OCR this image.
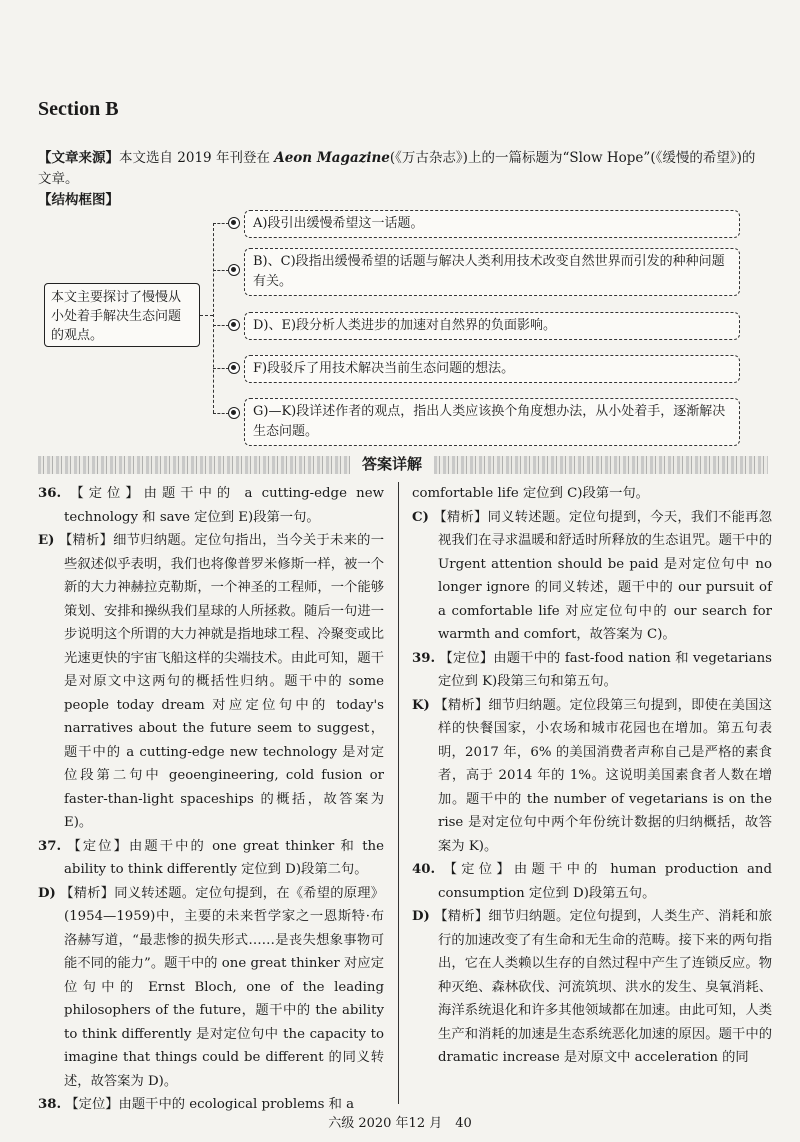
Section B
【文章来源】本文选自 2019 年刊登在 Aeon Magazine(《万古杂志》)上的一篇标题为“Slow Hope”(《缓慢的希望》)的文章。
【结构框图】
本文主要探讨了慢慢从小处着手解决生态问题的观点。
A)段引出缓慢希望这一话题。
B)、C)段指出缓慢希望的话题与解决人类利用技术改变自然世界而引发的种种问题有关。
D)、E)段分析人类进步的加速对自然界的负面影响。
F)段驳斥了用技术解决当前生态问题的想法。
G)—K)段详述作者的观点，指出人类应该换个角度想办法，从小处着手，逐渐解决生态问题。
答案详解

36. 【定位】由题干中的 a cutting-edge new technology 和 save 定位到 E)段第一句。

E) 【精析】细节归纳题。定位句指出，当今关于未来的一些叙述似乎表明，我们也将像普罗米修斯一样，被一个新的大力神赫拉克勒斯，一个神圣的工程师，一个能够策划、安排和操纵我们星球的人所拯救。随后一句进一步说明这个所谓的大力神就是指地球工程、冷聚变或比光速更快的宇宙飞船这样的尖端技术。由此可知，题干是对原文中这两句的概括性归纳。题干中的 some people today dream 对应定位句中的 today's narratives about the future seem to suggest，题干中的 a cutting-edge new technology 是对定位段第二句中 geoengineering, cold fusion or faster-than-light spaceships 的概括，故答案为 E)。

37. 【定位】由题干中的 one great thinker 和 the ability to think differently 定位到 D)段第二句。

D) 【精析】同义转述题。定位句提到，在《希望的原理》(1954—1959)中，主要的未来哲学家之一恩斯特·布洛赫写道，“最悲惨的损失形式……是丧失想象事物可能不同的能力”。题干中的 one great thinker 对应定位句中的 Ernst Bloch, one of the leading philosophers of the future，题干中的 the ability to think differently 是对定位句中 the capacity to imagine that things could be different 的同义转述，故答案为 D)。

38. 【定位】由题干中的 ecological problems 和 a

comfortable life 定位到 C)段第一句。

C) 【精析】同义转述题。定位句提到，今天，我们不能再忽视我们在寻求温暖和舒适时所释放的生态诅咒。题干中的 Urgent attention should be paid 是对定位句中 no longer ignore 的同义转述，题干中的 our pursuit of a comfortable life 对应定位句中的 our search for warmth and comfort，故答案为 C)。

39. 【定位】由题干中的 fast-food nation 和 vegetarians 定位到 K)段第三句和第五句。

K) 【精析】细节归纳题。定位段第三句提到，即使在美国这样的快餐国家，小农场和城市花园也在增加。第五句表明，2017 年，6% 的美国消费者声称自己是严格的素食者，高于 2014 年的 1%。这说明美国素食者人数在增加。题干中的 the number of vegetarians is on the rise 是对定位句中两个年份统计数据的归纳概括，故答案为 K)。

40. 【定位】由题干中的 human production and consumption 定位到 D)段第五句。

D) 【精析】细节归纳题。定位句提到，人类生产、消耗和旅行的加速改变了有生命和无生命的范畴。接下来的两句指出，它在人类赖以生存的自然过程中产生了连锁反应。物种灭绝、森林砍伐、河流筑坝、洪水的发生、臭氧消耗、海洋系统退化和许多其他领域都在加速。由此可知，人类生产和消耗的加速是生态系统恶化加速的原因。题干中的 dramatic increase 是对原文中 acceleration 的同

六级 2020 年12 月　40
